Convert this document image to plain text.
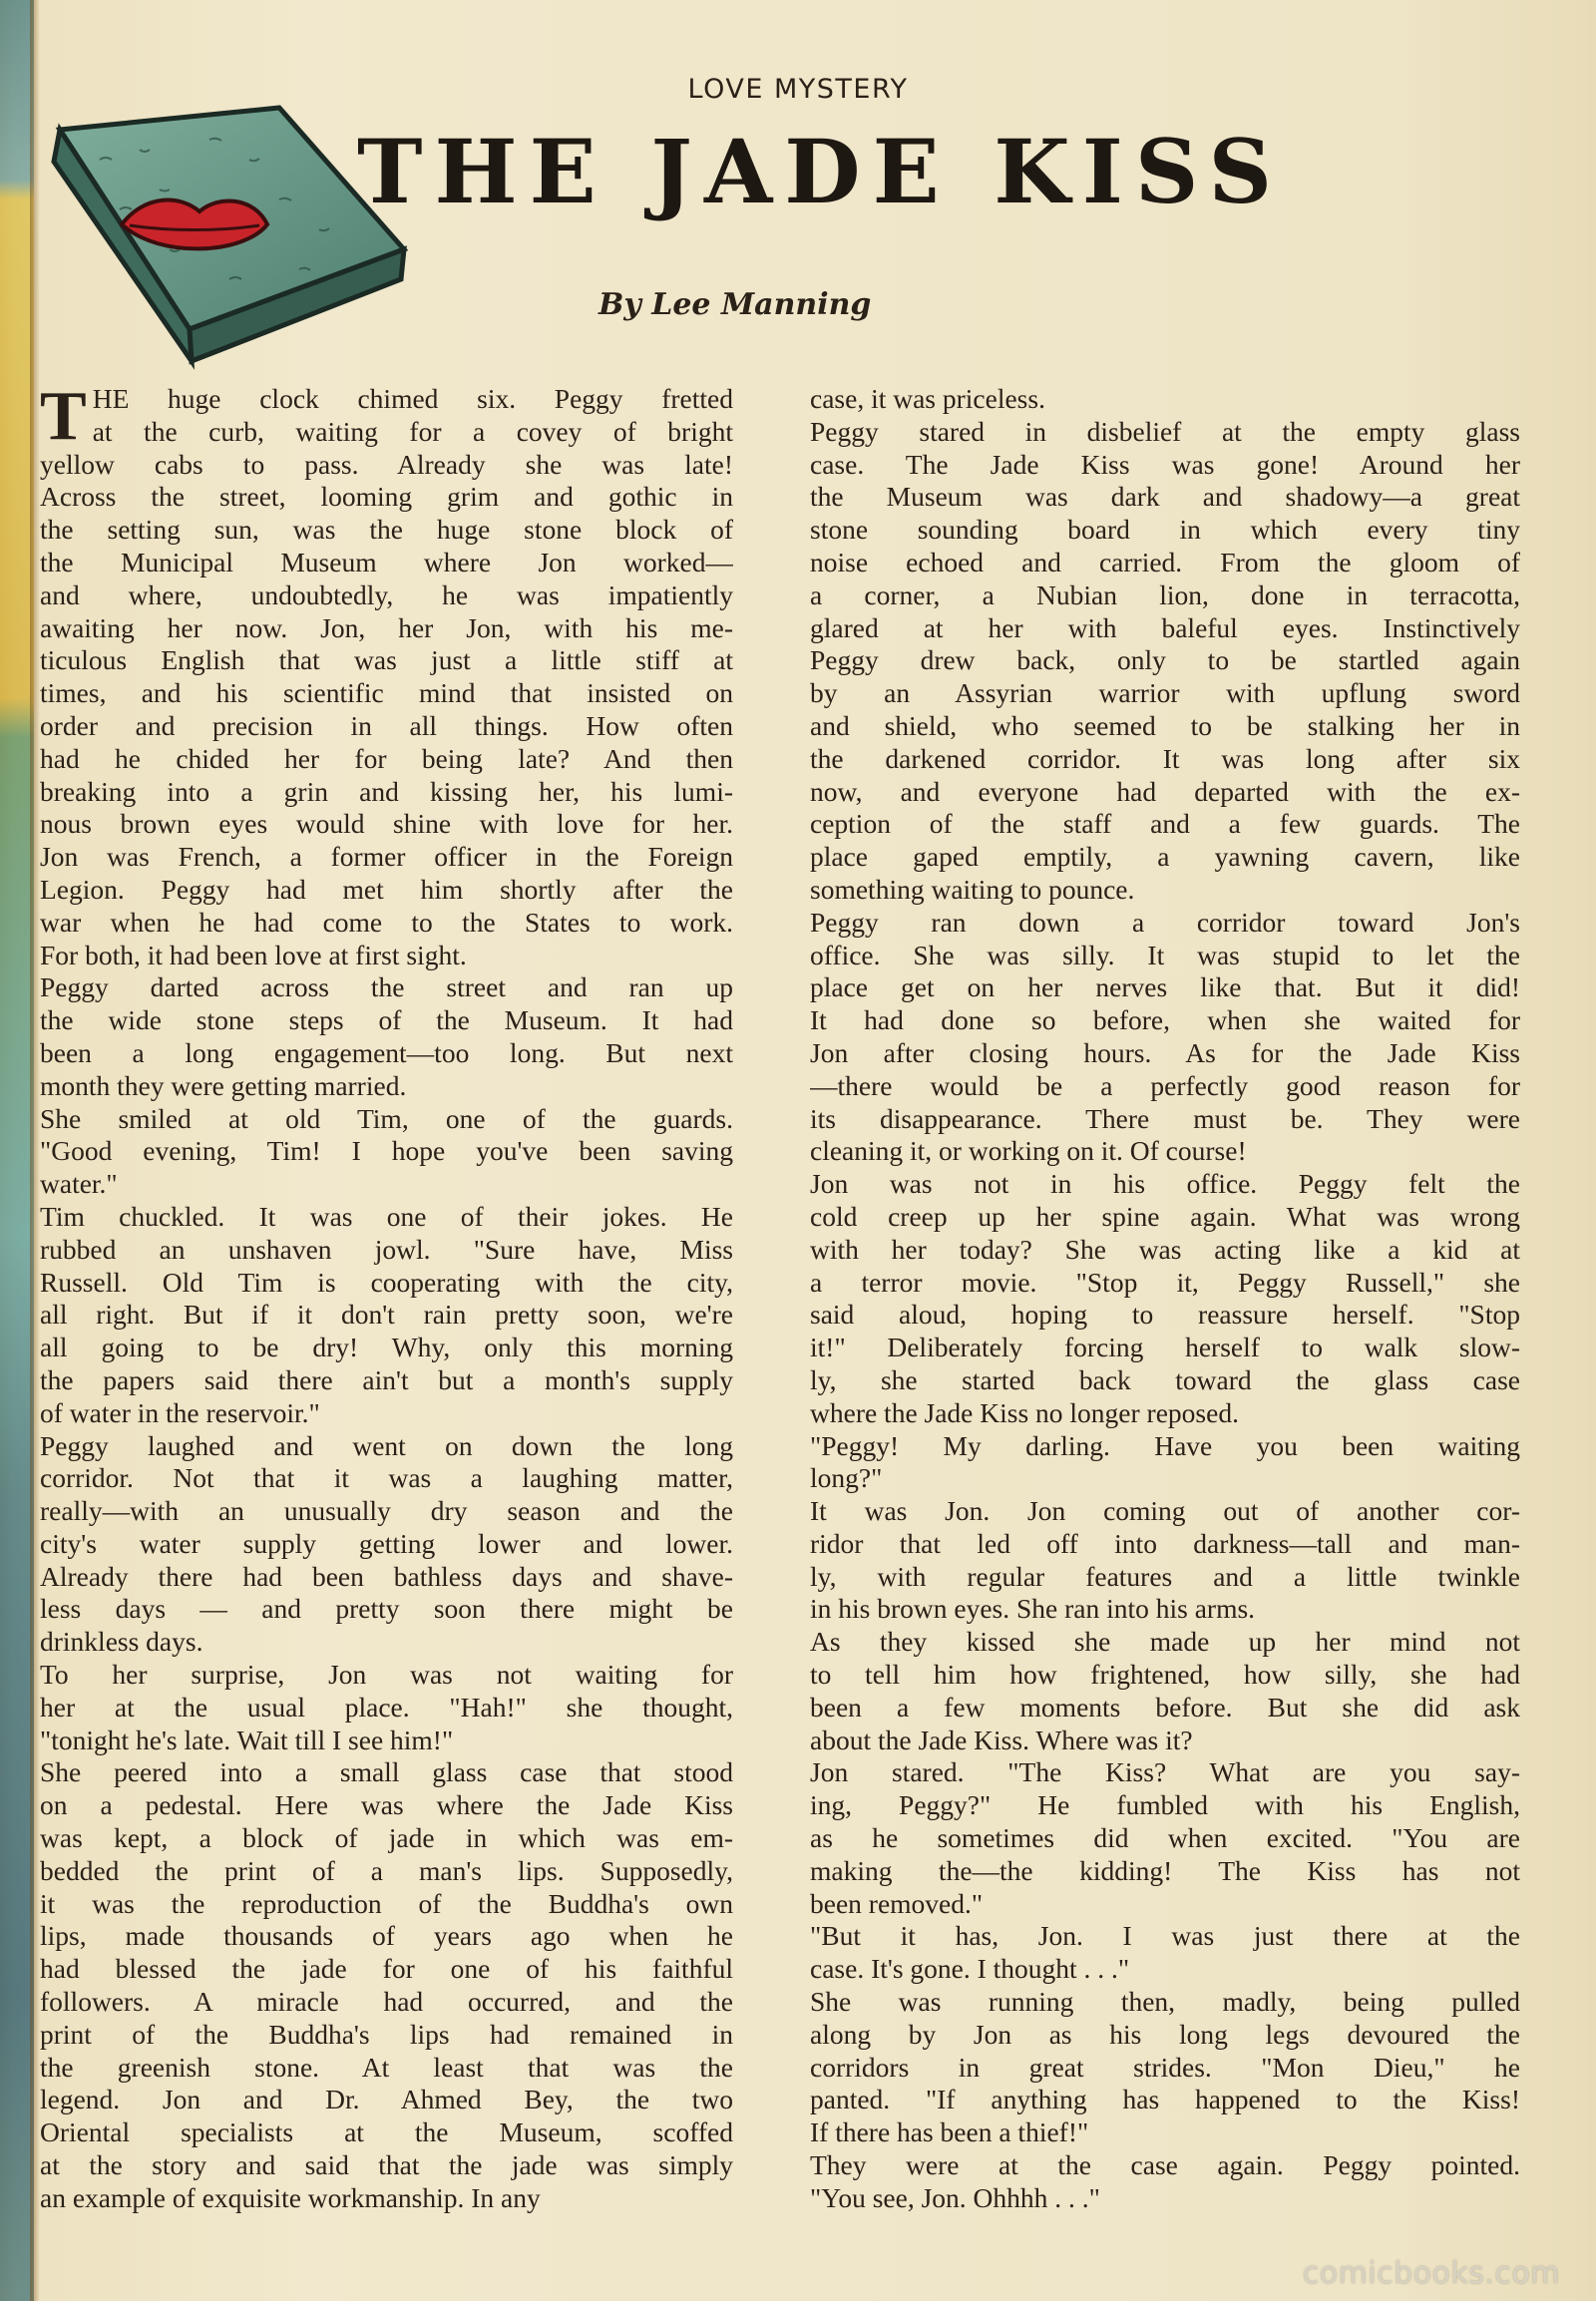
LOVE MYSTERY
THE JADE KISS
By Lee Manning
T HE huge clock chimed six. Peggy fretted
at the curb, waiting for a covey of bright
yellow cabs to pass. Already she was late!
Across the street, looming grim and gothic in
the setting sun, was the huge stone block of
the Municipal Museum where Jon worked—
and where, undoubtedly, he was impatiently
awaiting her now. Jon, her Jon, with his me-
ticulous English that was just a little stiff at
times, and his scientific mind that insisted on
order and precision in all things. How often
had he chided her for being late? And then
breaking into a grin and kissing her, his lumi-
nous brown eyes would shine with love for her.
Jon was French, a former officer in the Foreign
Legion. Peggy had met him shortly after the
war when he had come to the States to work.
For both, it had been love at first sight.
Peggy darted across the street and ran up
the wide stone steps of the Museum. It had
been a long engagement—too long. But next
month they were getting married.
She smiled at old Tim, one of the guards.
"Good evening, Tim! I hope you've been saving
water."
Tim chuckled. It was one of their jokes. He
rubbed an unshaven jowl. "Sure have, Miss
Russell. Old Tim is cooperating with the city,
all right. But if it don't rain pretty soon, we're
all going to be dry! Why, only this morning
the papers said there ain't but a month's supply
of water in the reservoir."
Peggy laughed and went on down the long
corridor. Not that it was a laughing matter,
really—with an unusually dry season and the
city's water supply getting lower and lower.
Already there had been bathless days and shave-
less days — and pretty soon there might be
drinkless days.
To her surprise, Jon was not waiting for
her at the usual place. "Hah!" she thought,
"tonight he's late. Wait till I see him!"
She peered into a small glass case that stood
on a pedestal. Here was where the Jade Kiss
was kept, a block of jade in which was em-
bedded the print of a man's lips. Supposedly,
it was the reproduction of the Buddha's own
lips, made thousands of years ago when he
had blessed the jade for one of his faithful
followers. A miracle had occurred, and the
print of the Buddha's lips had remained in
the greenish stone. At least that was the
legend. Jon and Dr. Ahmed Bey, the two
Oriental specialists at the Museum, scoffed
at the story and said that the jade was simply
an example of exquisite workmanship. In any
case, it was priceless.
Peggy stared in disbelief at the empty glass
case. The Jade Kiss was gone! Around her
the Museum was dark and shadowy—a great
stone sounding board in which every tiny
noise echoed and carried. From the gloom of
a corner, a Nubian lion, done in terracotta,
glared at her with baleful eyes. Instinctively
Peggy drew back, only to be startled again
by an Assyrian warrior with upflung sword
and shield, who seemed to be stalking her in
the darkened corridor. It was long after six
now, and everyone had departed with the ex-
ception of the staff and a few guards. The
place gaped emptily, a yawning cavern, like
something waiting to pounce.
Peggy ran down a corridor toward Jon's
office. She was silly. It was stupid to let the
place get on her nerves like that. But it did!
It had done so before, when she waited for
Jon after closing hours. As for the Jade Kiss
—there would be a perfectly good reason for
its disappearance. There must be. They were
cleaning it, or working on it. Of course!
Jon was not in his office. Peggy felt the
cold creep up her spine again. What was wrong
with her today? She was acting like a kid at
a terror movie. "Stop it, Peggy Russell," she
said aloud, hoping to reassure herself. "Stop
it!" Deliberately forcing herself to walk slow-
ly, she started back toward the glass case
where the Jade Kiss no longer reposed.
"Peggy! My darling. Have you been waiting
long?"
It was Jon. Jon coming out of another cor-
ridor that led off into darkness—tall and man-
ly, with regular features and a little twinkle
in his brown eyes. She ran into his arms.
As they kissed she made up her mind not
to tell him how frightened, how silly, she had
been a few moments before. But she did ask
about the Jade Kiss. Where was it?
Jon stared. "The Kiss? What are you say-
ing, Peggy?" He fumbled with his English,
as he sometimes did when excited. "You are
making the—the kidding! The Kiss has not
been removed."
"But it has, Jon. I was just there at the
case. It's gone. I thought . . ."
She was running then, madly, being pulled
along by Jon as his long legs devoured the
corridors in great strides. "Mon Dieu," he
panted. "If anything has happened to the Kiss!
If there has been a thief!"
They were at the case again. Peggy pointed.
"You see, Jon. Ohhhh . . ."
comicbooks.com
